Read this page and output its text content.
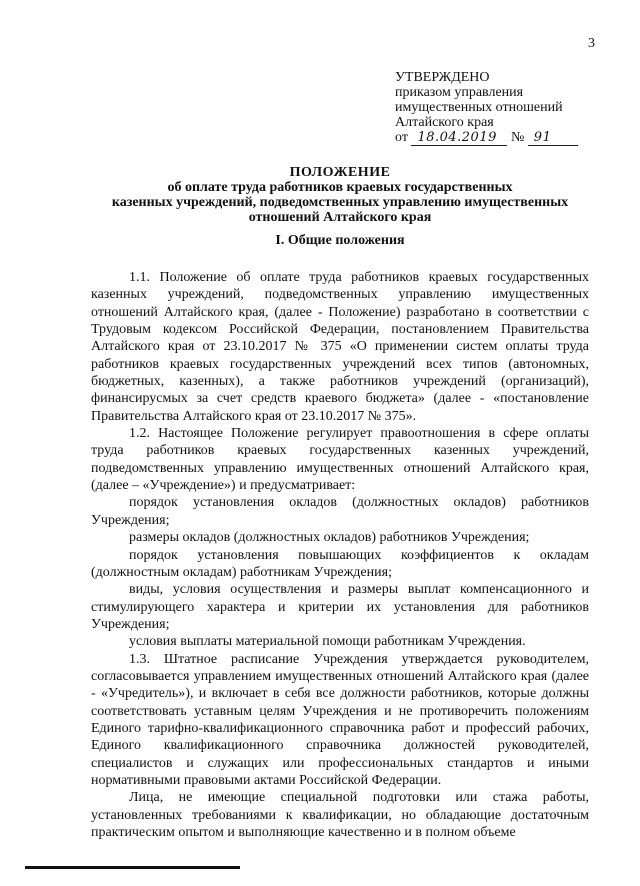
3
УТВЕРЖДЕНО
приказом управления
имущественных отношений
Алтайского края
от 18.04.2019 № 91
ПОЛОЖЕНИЕ
об оплате труда работников краевых государственных
казенных учреждений, подведомственных управлению имущественных
отношений Алтайского края
I. Общие положения

1.1. Положение об оплате труда работников краевых государственных казенных учреждений, подведомственных управлению имущественных отношений Алтайского края, (далее - Положение) разработано в соответствии с Трудовым кодексом Российской Федерации, постановлением Правительства Алтайского края от 23.10.2017 № 375 «О применении систем оплаты труда работников краевых государственных учреждений всех типов (автономных, бюджетных, казенных), а также работников учреждений (организаций), финансирусмых за счет средств краевого бюджета» (далее - «постановление Правительства Алтайского края от 23.10.2017 № 375».

1.2. Настоящее Положение регулирует правоотношения в сфере оплаты труда работников краевых государственных казенных учреждений, подведомственных управлению имущественных отношений Алтайского края, (далее – «Учреждение») и предусматривает:

порядок установления окладов (должностных окладов) работников Учреждения;

размеры окладов (должностных окладов) работников Учреждения;

порядок установления повышающих коэффициентов к окладам (должностным окладам) работникам Учреждения;

виды, условия осуществления и размеры выплат компенсационного и стимулирующего характера и критерии их установления для работников Учреждения;

условия выплаты материальной помощи работникам Учреждения.

1.3. Штатное расписание Учреждения утверждается руководителем, согласовывается управлением имущественных отношений Алтайского края (далее - «Учредитель»), и включает в себя все должности работников, которые должны соответствовать уставным целям Учреждения и не противоречить положениям Единого тарифно-квалификационного справочника работ и профессий рабочих, Единого квалификационного справочника должностей руководителей, специалистов и служащих или профессиональных стандартов и иными нормативными правовыми актами Российской Федерации.

Лица, не имеющие специальной подготовки или стажа работы, установленных требованиями к квалификации, но обладающие достаточным практическим опытом и выполняющие качественно и в полном объеме
